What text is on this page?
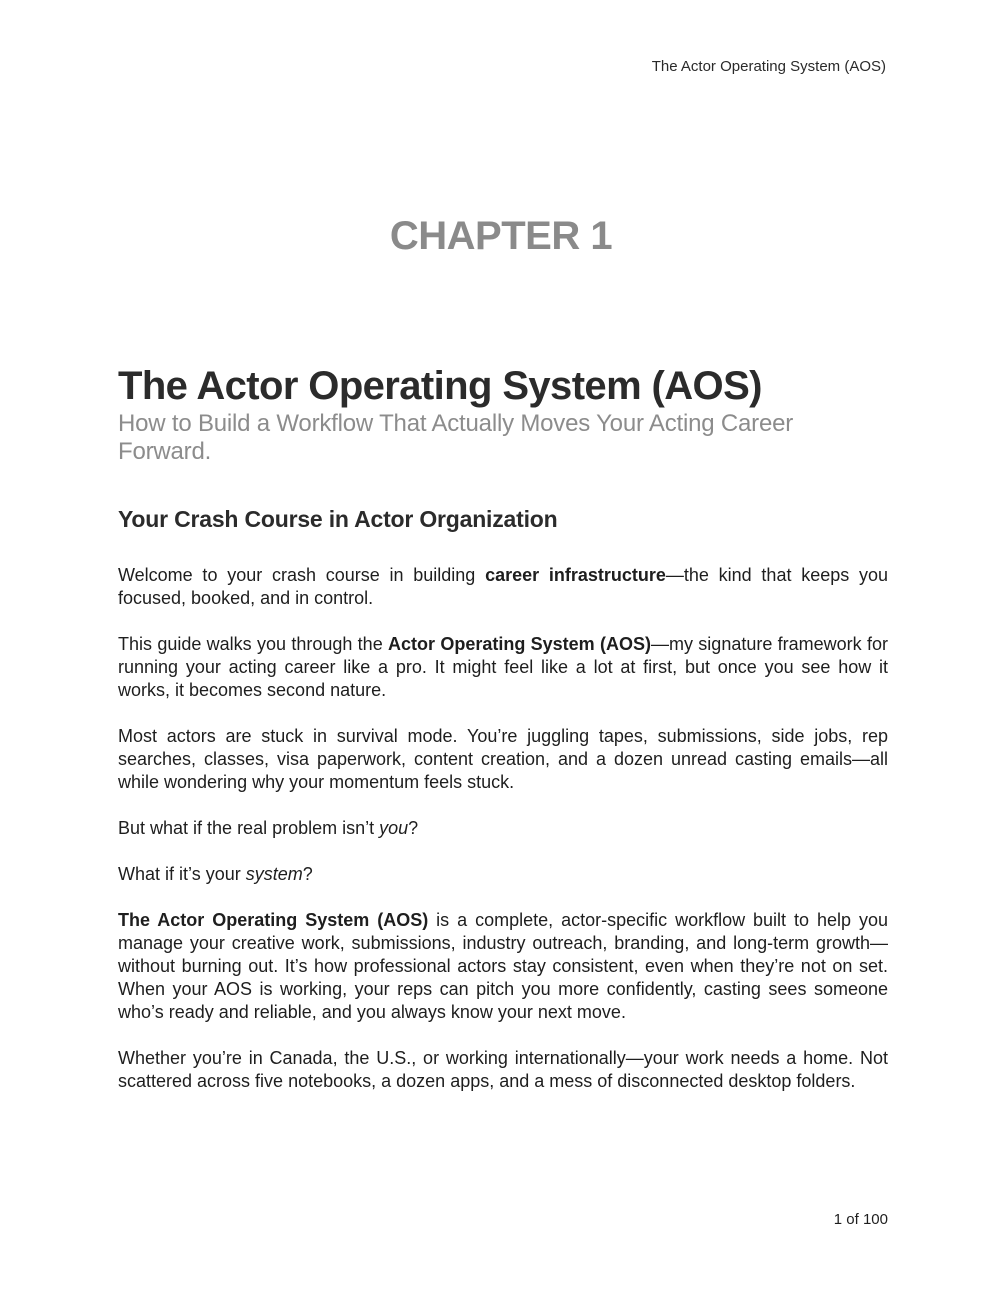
The Actor Operating System (AOS)
CHAPTER 1
The Actor Operating System (AOS)

How to Build a Workflow That Actually Moves Your Acting Career Forward.

Your Crash Course in Actor Organization

Welcome to your crash course in building career infrastructure—the kind that keeps you focused, booked, and in control.

This guide walks you through the Actor Operating System (AOS)—my signature framework for running your acting career like a pro. It might feel like a lot at first, but once you see how it works, it becomes second nature.

Most actors are stuck in survival mode. You’re juggling tapes, submissions, side jobs, rep searches, classes, visa paperwork, content creation, and a dozen unread casting emails—all while wondering why your momentum feels stuck.

But what if the real problem isn’t you?

What if it’s your system?

The Actor Operating System (AOS) is a complete, actor-specific workflow built to help you manage your creative work, submissions, industry outreach, branding, and long-term growth—without burning out. It’s how professional actors stay consistent, even when they’re not on set. When your AOS is working, your reps can pitch you more confidently, casting sees someone who’s ready and reliable, and you always know your next move.

Whether you’re in Canada, the U.S., or working internationally—your work needs a home. Not scattered across five notebooks, a dozen apps, and a mess of disconnected desktop folders.

1 of 100
